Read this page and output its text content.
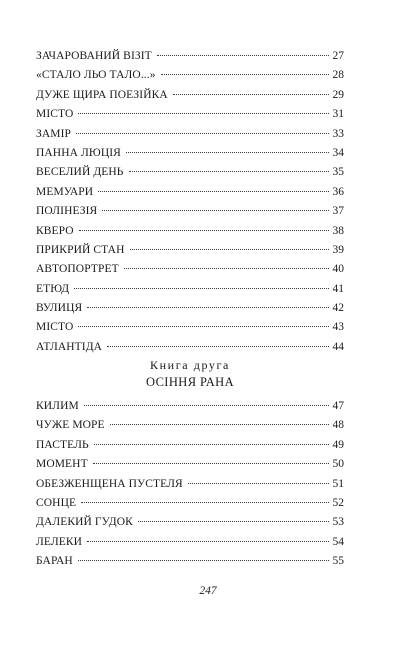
ЗАЧАРОВАНИЙ ВІЗІТ	27
«СТАЛО ЛЬО ТАЛО...»	28
ДУЖЕ ЩИРА ПОЕЗІЙКА	29
МІСТО	31
ЗАМІР	33
ПАННА ЛЮЦІЯ	34
ВЕСЕЛИЙ ДЕНЬ	35
МЕМУАРИ	36
ПОЛІНЕЗІЯ	37
КВЕРО	38
ПРИКРИЙ СТАН	39
АВТОПОРТРЕТ	40
ЕТЮД	41
ВУЛИЦЯ	42
МІСТО	43
АТЛАНТІДА	44
Книга друга
ОСІННЯ РАНА
КИЛИМ	47
ЧУЖЕ МОРЕ	48
ПАСТЕЛЬ	49
МОМЕНТ	50
ОБЕЗЖЕНЩЕНА ПУСТЕЛЯ	51
СОНЦЕ	52
ДАЛЕКИЙ ГУДОК	53
ЛЕЛЕКИ	54
БАРАН	55
247
